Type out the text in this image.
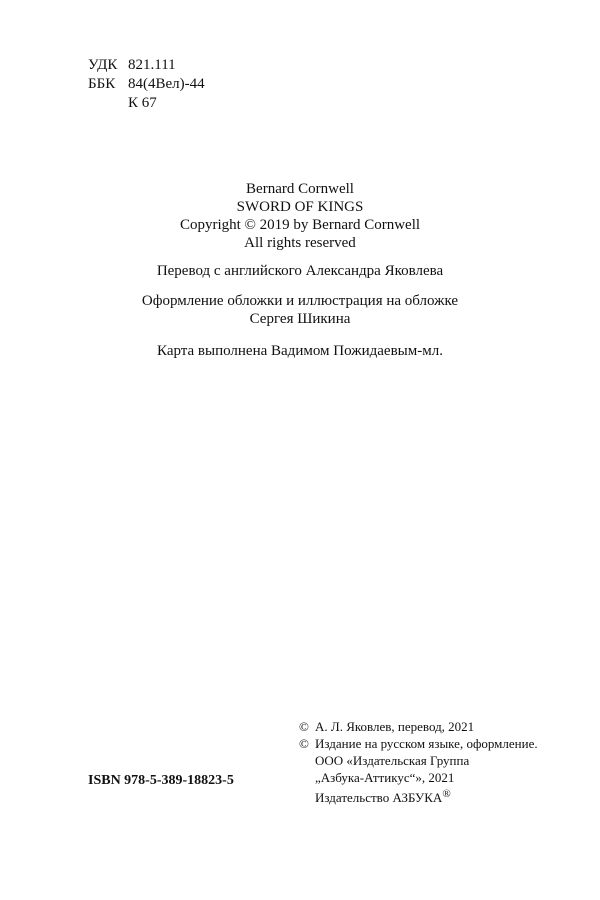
УДК 821.111
ББК 84(4Вел)-44
К 67
Bernard Cornwell
SWORD OF KINGS
Copyright © 2019 by Bernard Cornwell
All rights reserved
Перевод с английского Александра Яковлева
Оформление обложки и иллюстрация на обложке
Сергея Шикина
Карта выполнена Вадимом Пожидаевым-мл.
© А. Л. Яковлев, перевод, 2021
© Издание на русском языке, оформление.
ООО «Издательская Группа
„Азбука-Аттикус“», 2021
Издательство АЗБУКА®
ISBN 978-5-389-18823-5
